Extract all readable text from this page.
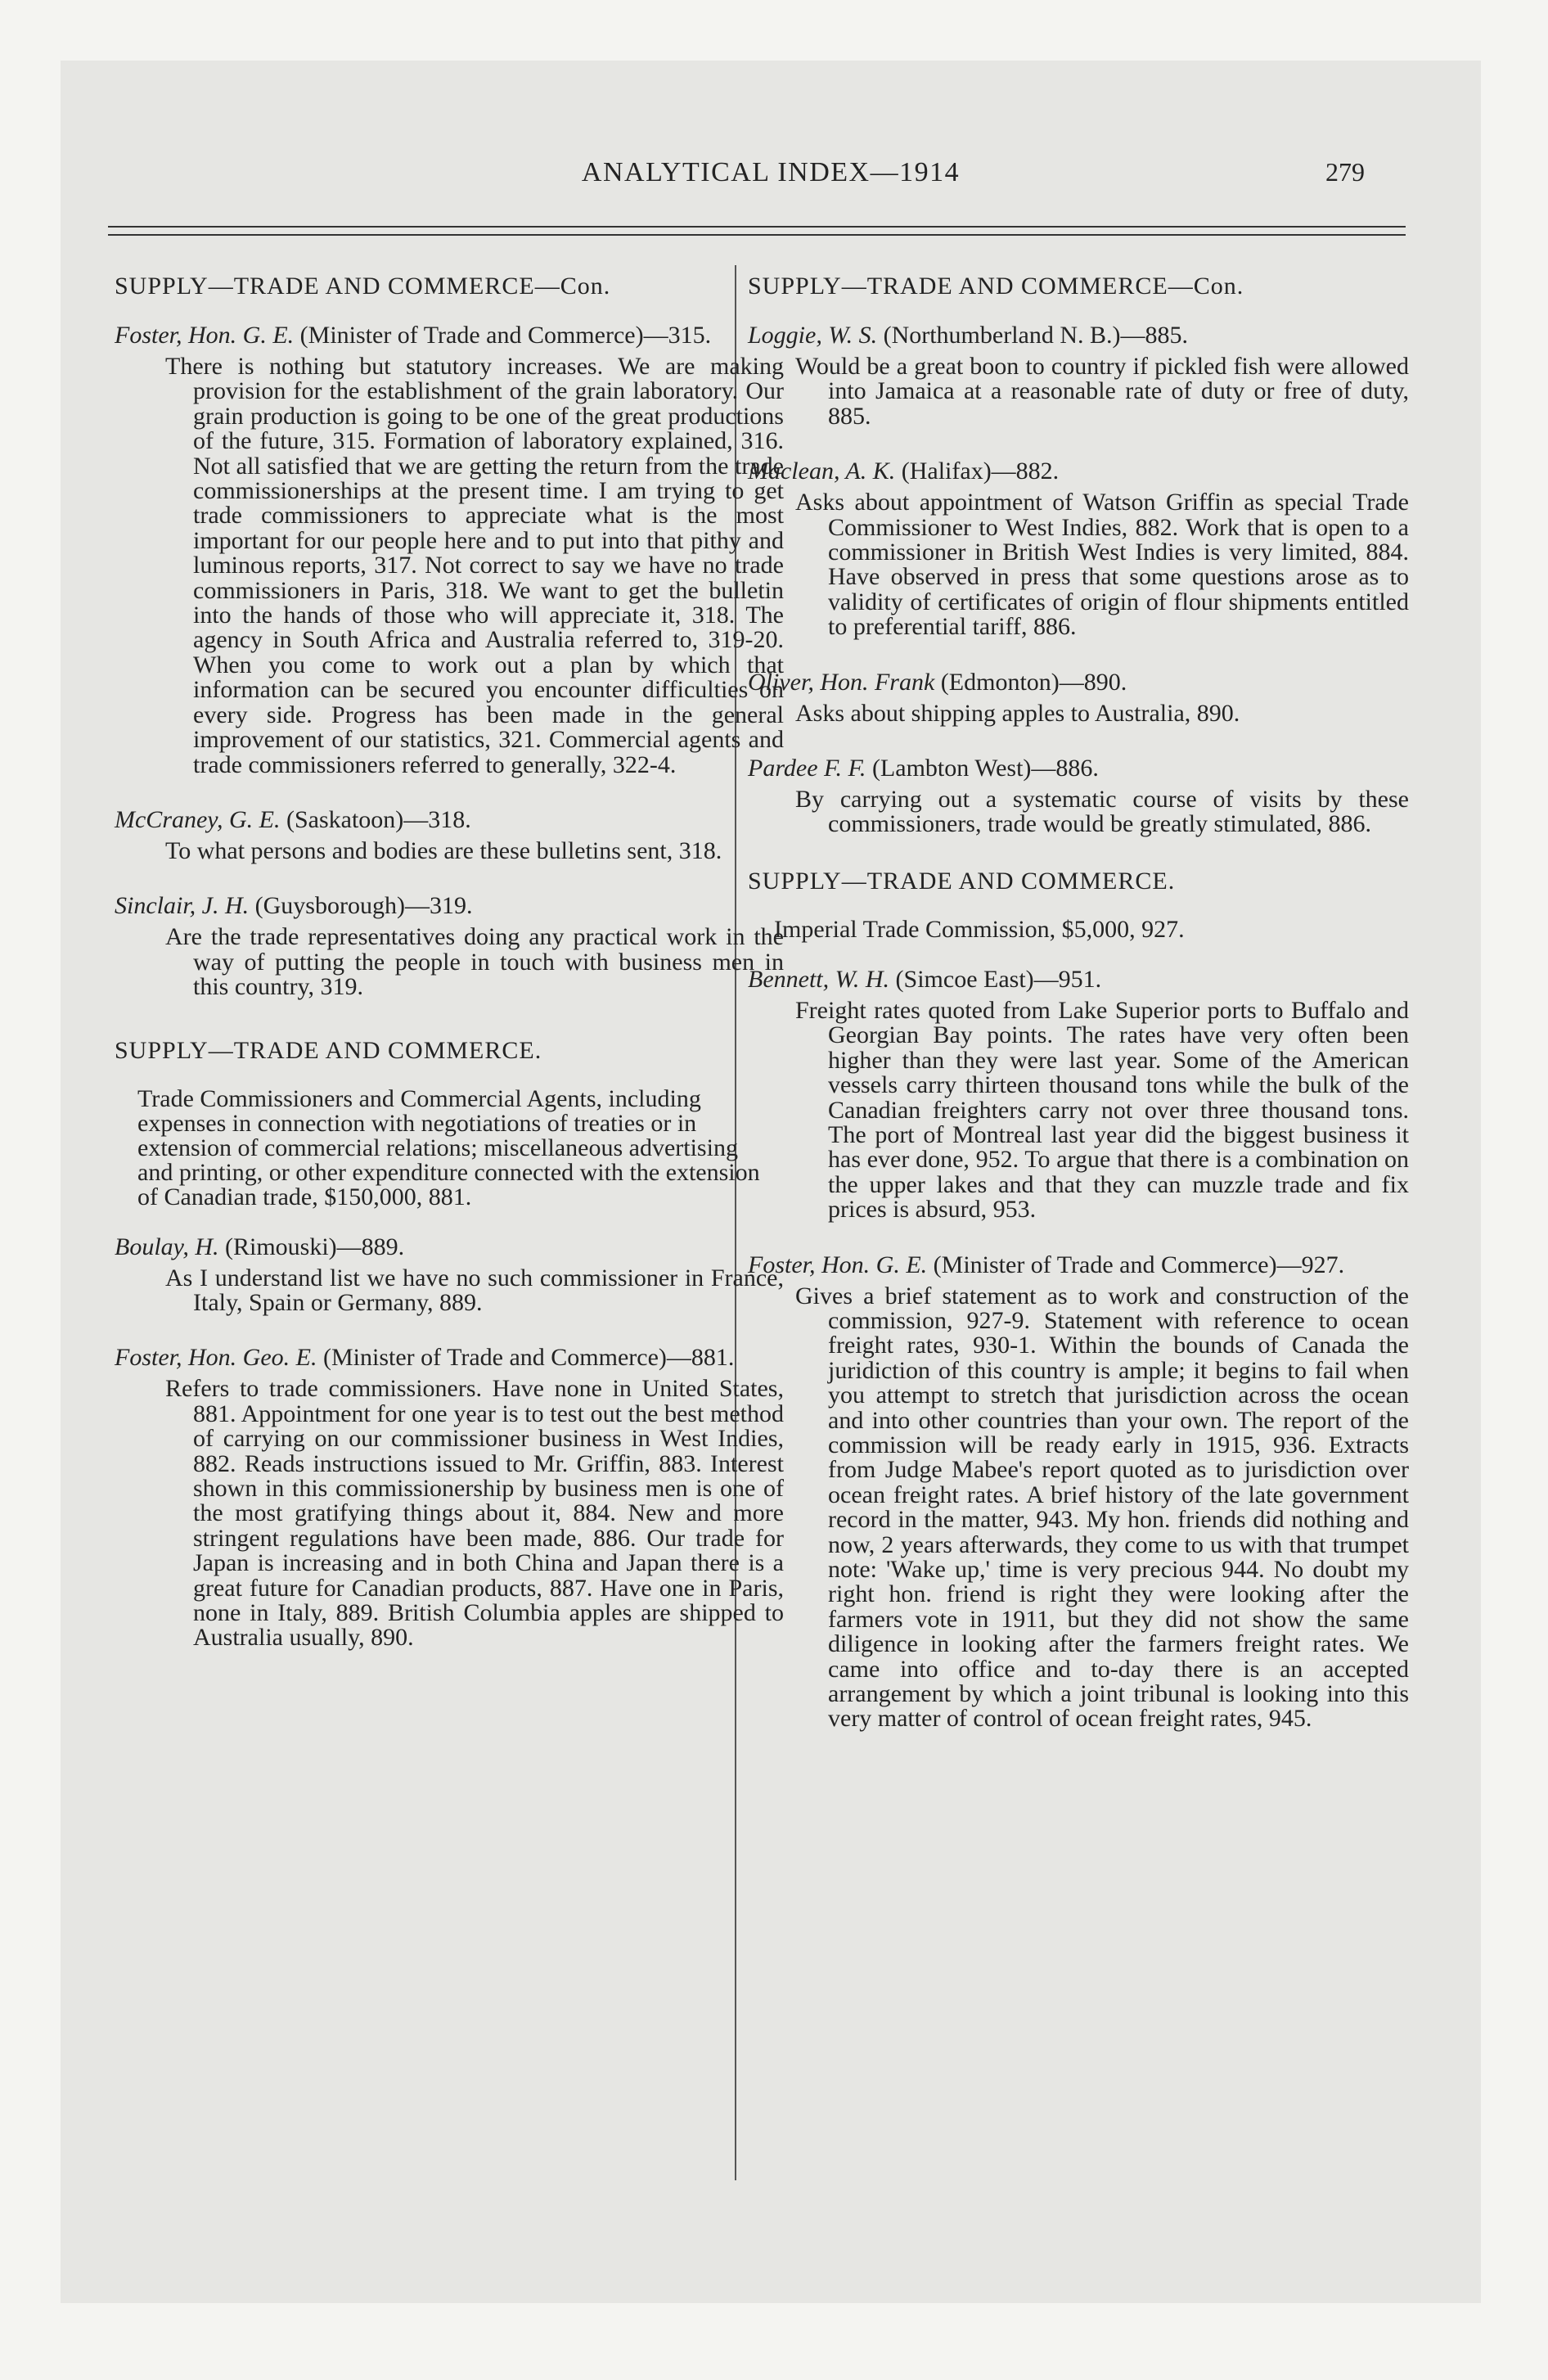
ANALYTICAL INDEX—1914	279
SUPPLY—TRADE AND COMMERCE—Con.

Foster, Hon. G. E. (Minister of Trade and Commerce)—315.

There is nothing but statutory increases. We are making provision for the establishment of the grain laboratory. Our grain production is going to be one of the great productions of the future, 315. Formation of laboratory explained, 316. Not all satisfied that we are getting the return from the trade commissionerships at the present time. I am trying to get trade commissioners to appreciate what is the most important for our people here and to put into that pithy and luminous reports, 317. Not correct to say we have no trade commissioners in Paris, 318. We want to get the bulletin into the hands of those who will appreciate it, 318. The agency in South Africa and Australia referred to, 319-20. When you come to work out a plan by which that information can be secured you encounter difficulties on every side. Progress has been made in the general improvement of our statistics, 321. Commercial agents and trade commissioners referred to generally, 322-4.

McCraney, G. E. (Saskatoon)—318.

To what persons and bodies are these bulletins sent, 318.

Sinclair, J. H. (Guysborough)—319.

Are the trade representatives doing any practical work in the way of putting the people in touch with business men in this country, 319.

SUPPLY—TRADE AND COMMERCE.

Trade Commissioners and Commercial Agents, including expenses in connection with negotiations of treaties or in extension of commercial relations; miscellaneous advertising and printing, or other expenditure connected with the extension of Canadian trade, $150,000, 881.

Boulay, H. (Rimouski)—889.

As I understand list we have no such commissioner in France, Italy, Spain or Germany, 889.

Foster, Hon. Geo. E. (Minister of Trade and Commerce)—881.

Refers to trade commissioners. Have none in United States, 881. Appointment for one year is to test out the best method of carrying on our commissioner business in West Indies, 882. Reads instructions issued to Mr. Griffin, 883. Interest shown in this commissionership by business men is one of the most gratifying things about it, 884. New and more stringent regulations have been made, 886. Our trade for Japan is increasing and in both China and Japan there is a great future for Canadian products, 887. Have one in Paris, none in Italy, 889. British Columbia apples are shipped to Australia usually, 890.

SUPPLY—TRADE AND COMMERCE—Con.

Loggie, W. S. (Northumberland N. B.)—885.

Would be a great boon to country if pickled fish were allowed into Jamaica at a reasonable rate of duty or free of duty, 885.

Maclean, A. K. (Halifax)—882.

Asks about appointment of Watson Griffin as special Trade Commissioner to West Indies, 882. Work that is open to a commissioner in British West Indies is very limited, 884. Have observed in press that some questions arose as to validity of certificates of origin of flour shipments entitled to preferential tariff, 886.

Oliver, Hon. Frank (Edmonton)—890.

Asks about shipping apples to Australia, 890.

Pardee F. F. (Lambton West)—886.

By carrying out a systematic course of visits by these commissioners, trade would be greatly stimulated, 886.

SUPPLY—TRADE AND COMMERCE.

Imperial Trade Commission, $5,000, 927.

Bennett, W. H. (Simcoe East)—951.

Freight rates quoted from Lake Superior ports to Buffalo and Georgian Bay points. The rates have very often been higher than they were last year. Some of the American vessels carry thirteen thousand tons while the bulk of the Canadian freighters carry not over three thousand tons. The port of Montreal last year did the biggest business it has ever done, 952. To argue that there is a combination on the upper lakes and that they can muzzle trade and fix prices is absurd, 953.

Foster, Hon. G. E. (Minister of Trade and Commerce)—927.

Gives a brief statement as to work and construction of the commission, 927-9. Statement with reference to ocean freight rates, 930-1. Within the bounds of Canada the juridiction of this country is ample; it begins to fail when you attempt to stretch that jurisdiction across the ocean and into other countries than your own. The report of the commission will be ready early in 1915, 936. Extracts from Judge Mabee's report quoted as to jurisdiction over ocean freight rates. A brief history of the late government record in the matter, 943. My hon. friends did nothing and now, 2 years afterwards, they come to us with that trumpet note: 'Wake up,' time is very precious 944. No doubt my right hon. friend is right they were looking after the farmers vote in 1911, but they did not show the same diligence in looking after the farmers freight rates. We came into office and to-day there is an accepted arrangement by which a joint tribunal is looking into this very matter of control of ocean freight rates, 945.
